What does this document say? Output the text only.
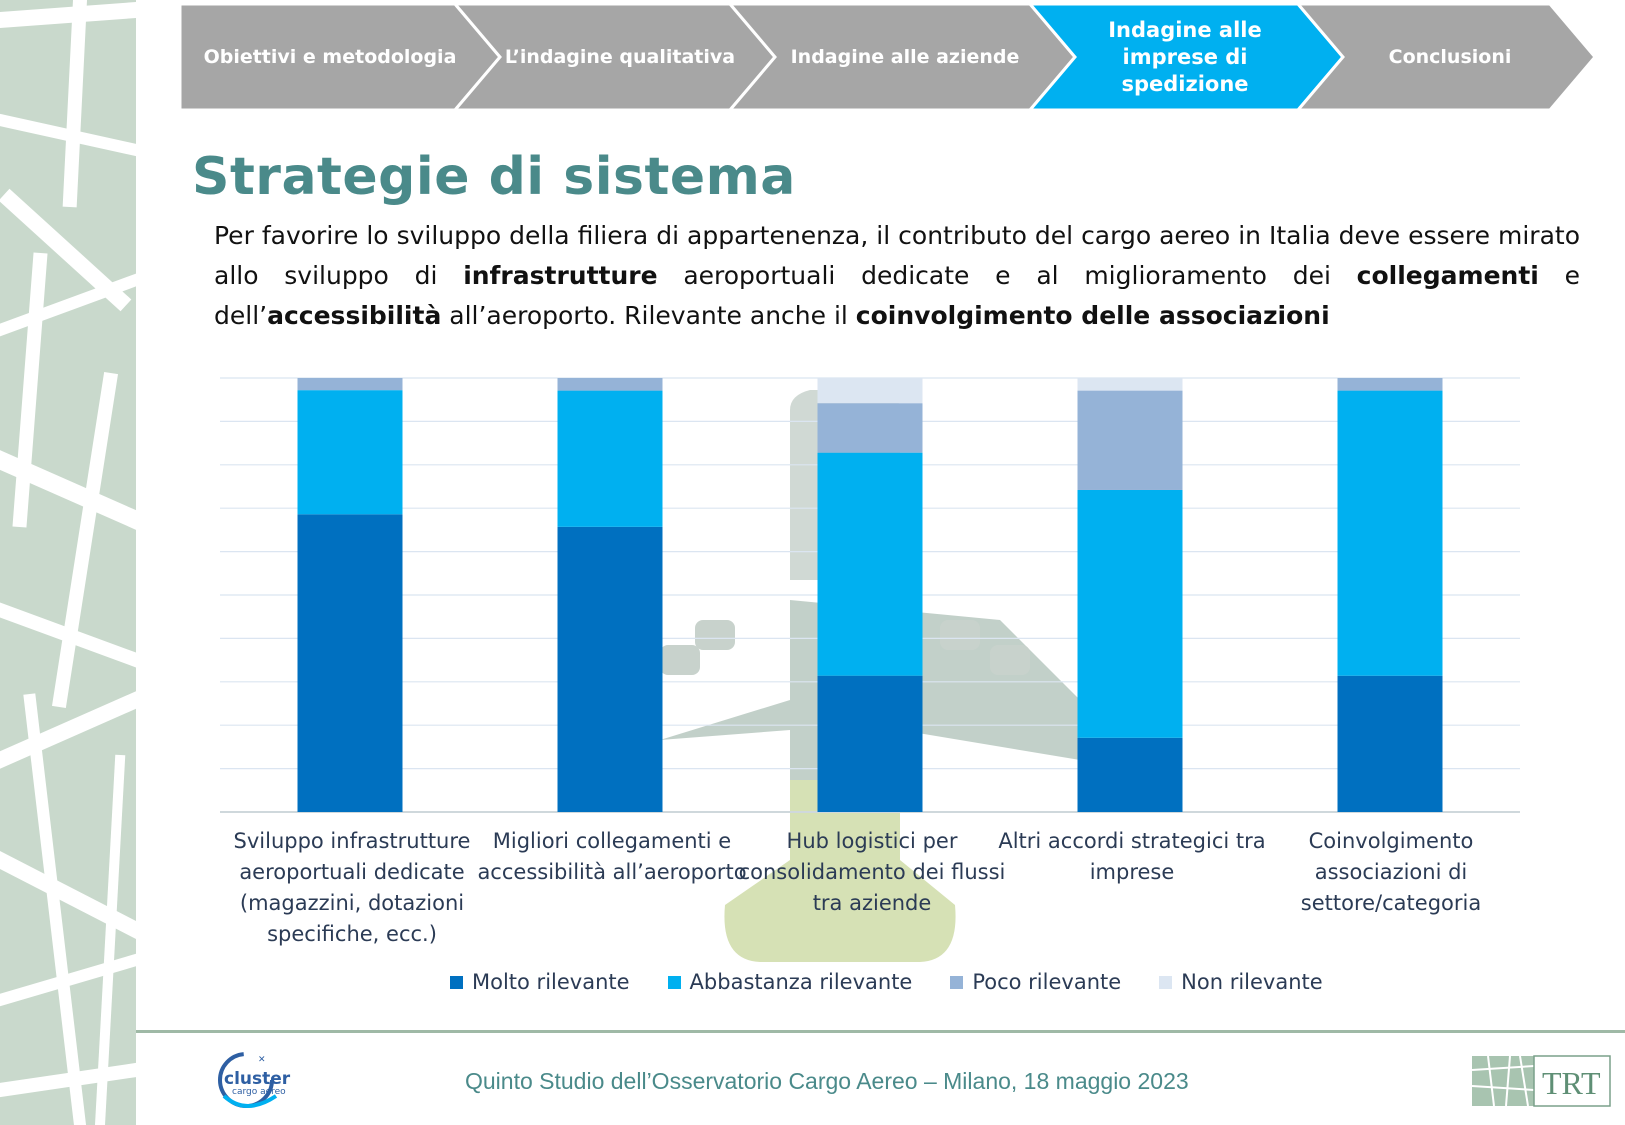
Obiettivi e metodologia	L’indagine qualitativa	Indagine alle aziende
Indagine alle imprese di spedizione
Conclusioni
Strategie di sistema
Per favorire lo sviluppo della filiera di appartenenza, il contributo del cargo aereo in Italia deve essere mirato allo sviluppo di infrastrutture aeroportuali dedicate e al miglioramento dei collegamenti e dell’accessibilità all’aeroporto. Rilevante anche il coinvolgimento delle associazioni
Sviluppo infrastrutture aeroportuali dedicate (magazzini, dotazioni specifiche, ecc.)
Migliori collegamenti e accessibilità all’aeroporto
Hub logistici per consolidamento dei flussi tra aziende
Altri accordi strategici tra imprese
Coinvolgimento associazioni di settore/categoria
Molto rilevante	Abbastanza rilevante	Poco rilevante	Non rilevante
Quinto Studio dell’Osservatorio Cargo Aereo – Milano, 18 maggio 2023
✕
cluster
cargo aereo	TRT
